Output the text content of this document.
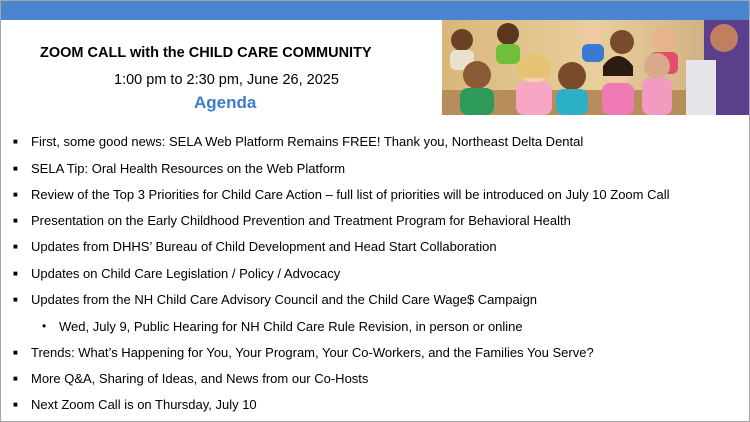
ZOOM CALL with the CHILD CARE COMMUNITY
1:00 pm to 2:30 pm, June 26, 2025
Agenda
■ First, some good news: SELA Web Platform Remains FREE! Thank you, Northeast Delta Dental
■ SELA Tip: Oral Health Resources on the Web Platform
■ Review of the Top 3 Priorities for Child Care Action – full list of priorities will be introduced on July 10 Zoom Call
■ Presentation on the Early Childhood Prevention and Treatment Program for Behavioral Health
■ Updates from DHHS’ Bureau of Child Development and Head Start Collaboration
■ Updates on Child Care Legislation / Policy / Advocacy
■ Updates from the NH Child Care Advisory Council and the Child Care Wage$ Campaign
• Wed, July 9, Public Hearing for NH Child Care Rule Revision, in person or online
■ Trends: What’s Happening for You, Your Program, Your Co-Workers, and the Families You Serve?
■ More Q&A, Sharing of Ideas, and News from our Co-Hosts
■ Next Zoom Call is on Thursday, July 10
